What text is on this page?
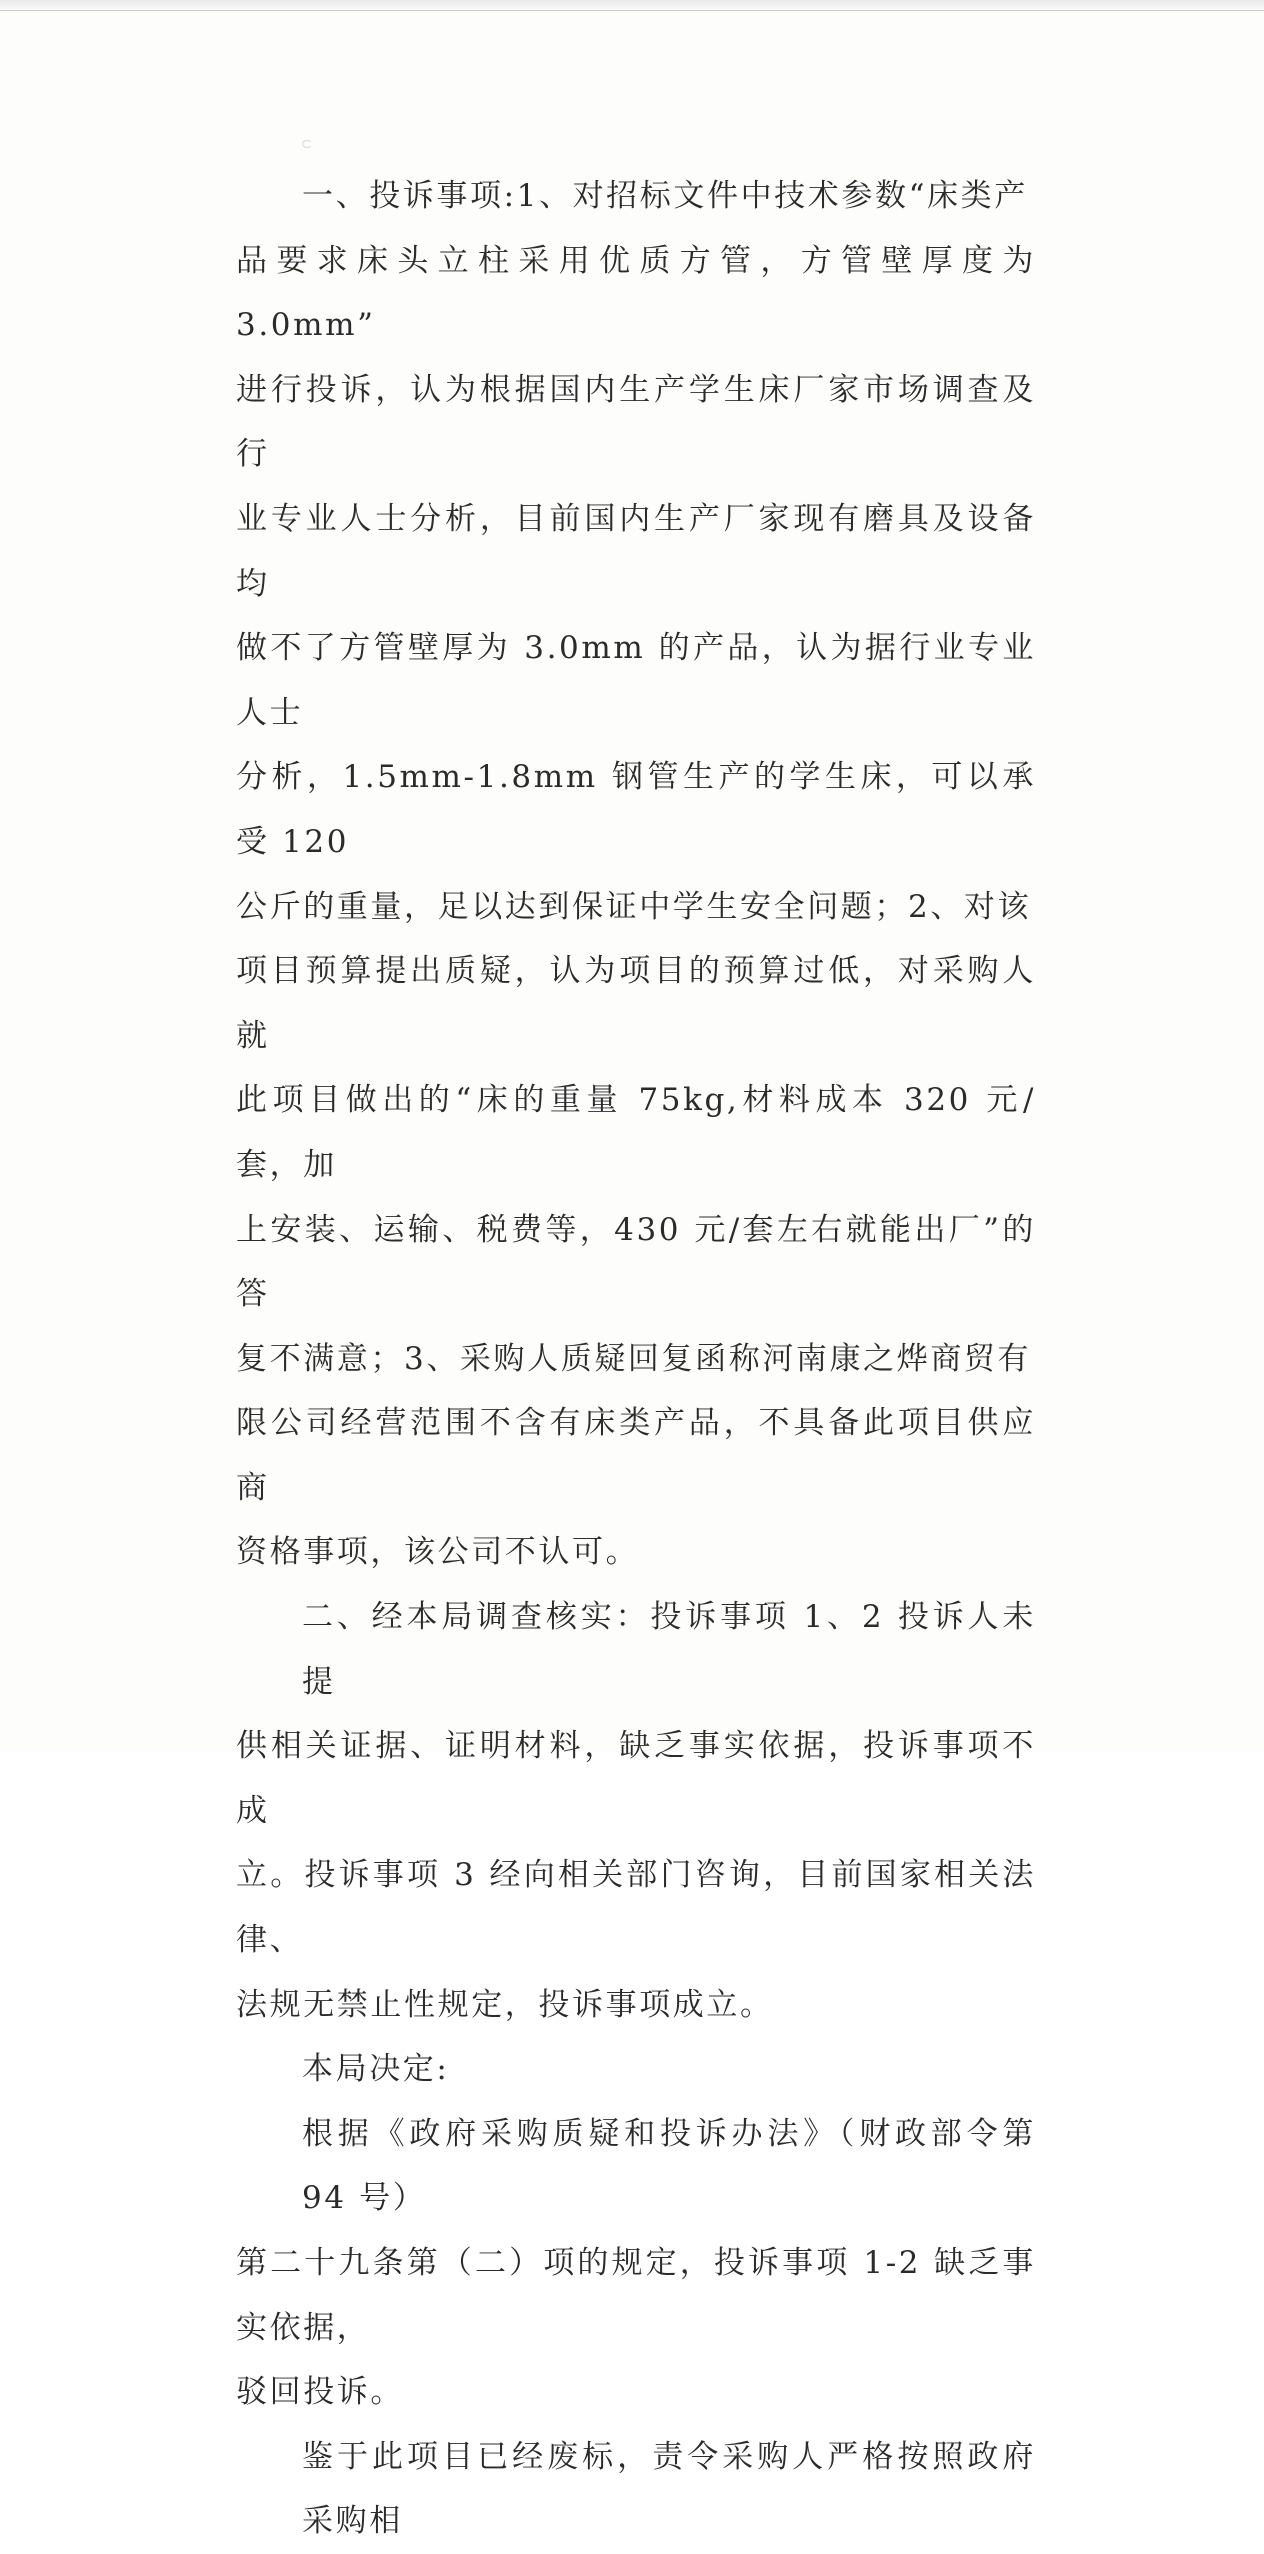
一、投诉事项:1、对招标文件中技术参数“床类产
品要求床头立柱采用优质方管，方管壁厚度为 3.0mm”
进行投诉，认为根据国内生产学生床厂家市场调查及行
业专业人士分析，目前国内生产厂家现有磨具及设备均
做不了方管壁厚为 3.0mm 的产品，认为据行业专业人士
分析，1.5mm-1.8mm 钢管生产的学生床，可以承受 120
公斤的重量，足以达到保证中学生安全问题；2、对该
项目预算提出质疑，认为项目的预算过低，对采购人就
此项目做出的“床的重量 75kg,材料成本 320 元/套，加
上安装、运输、税费等，430 元/套左右就能出厂”的答
复不满意；3、采购人质疑回复函称河南康之烨商贸有
限公司经营范围不含有床类产品，不具备此项目供应商
资格事项，该公司不认可。
二、经本局调查核实：投诉事项 1、2 投诉人未提
供相关证据、证明材料，缺乏事实依据，投诉事项不成
立。投诉事项 3 经向相关部门咨询，目前国家相关法律、
法规无禁止性规定，投诉事项成立。
本局决定:
根据《政府采购质疑和投诉办法》（财政部令第 94 号）
第二十九条第（二）项的规定，投诉事项 1-2 缺乏事实依据，
驳回投诉。
鉴于此项目已经废标，责令采购人严格按照政府采购相
